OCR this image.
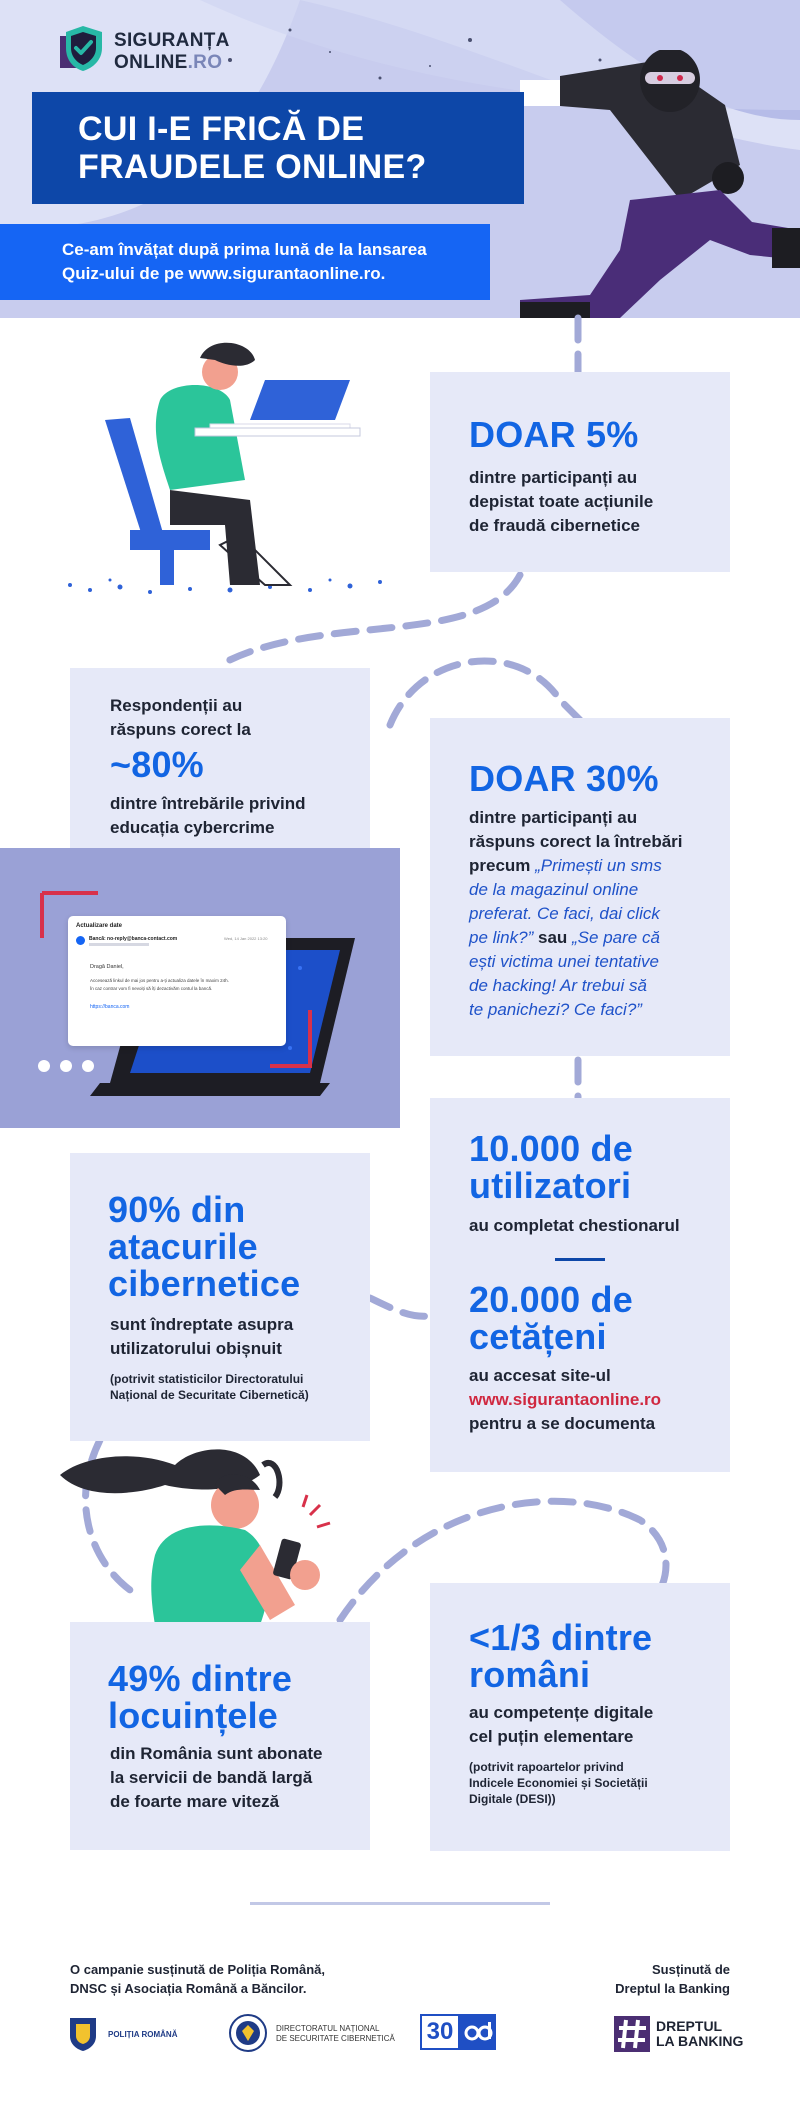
SIGURANȚA
ONLINE.RO
CUI I-E FRICĂ DE
FRAUDELE ONLINE?
Ce-am învățat după prima lună de la lansarea
Quiz-ului de pe www.sigurantaonline.ro.
DOAR 5%
dintre participanți au
depistat toate acțiunile
de fraudă cibernetice
Respondenții au
răspuns corect la
~80%
dintre întrebările privind
educația cybercrime
Actualizare date
Bancă: no-reply@banca-contact.com	Wed, 14 Jan 2022 13:20
Dragă Daniel,
Accesează linkul de mai jos pentru a-ți actualiza datele în maxim 24h.
În caz contrar vom fi nevoiți să îți dezactivăm contul la bancă.
https://banca.com
DOAR 30%
dintre participanți au
răspuns corect la întrebări
precum „Primești un sms
de la magazinul online
preferat. Ce faci, dai click
pe link?” sau „Se pare că
ești victima unei tentative
de hacking! Ar trebui să
te panichezi? Ce faci?”
90% din
atacurile
cibernetice
sunt îndreptate asupra
utilizatorului obișnuit
(potrivit statisticilor Directoratului
Național de Securitate Cibernetică)
10.000 de
utilizatori
au completat chestionarul
20.000 de
cetățeni
au accesat site-ul
www.sigurantaonline.ro
pentru a se documenta
49% dintre
locuințele
din România sunt abonate
la servicii de bandă largă
de foarte mare viteză
<1/3 dintre
români
au competențe digitale
cel puțin elementare
(potrivit rapoartelor privind
Indicele Economiei și Societății
Digitale (DESI))
O campanie susținută de Poliția Română,
DNSC și Asociația Română a Băncilor.
Susținută de
Dreptul la Banking
POLIȚIA ROMÂNĂ
DIRECTORATUL NAȚIONAL
DE SECURITATE CIBERNETICĂ 30	DREPTUL
LA BANKING
